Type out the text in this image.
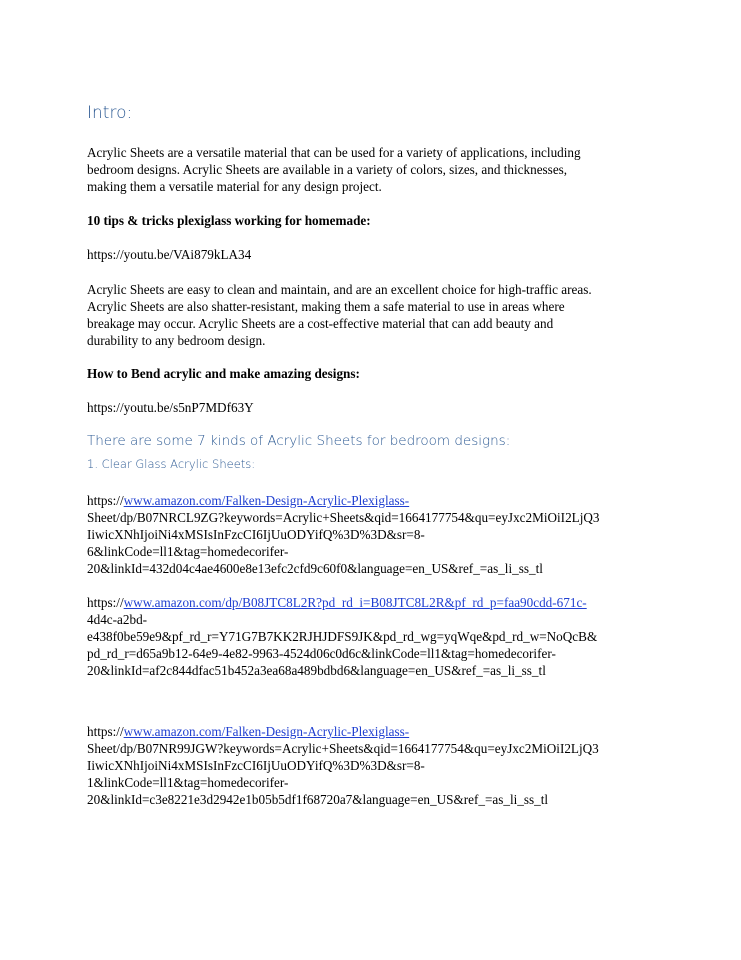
Intro:
Acrylic Sheets are a versatile material that can be used for a variety of applications, including
bedroom designs. Acrylic Sheets are available in a variety of colors, sizes, and thicknesses,
making them a versatile material for any design project.
10 tips & tricks plexiglass working for homemade:
https://youtu.be/VAi879kLA34
Acrylic Sheets are easy to clean and maintain, and are an excellent choice for high-traffic areas.
Acrylic Sheets are also shatter-resistant, making them a safe material to use in areas where
breakage may occur. Acrylic Sheets are a cost-effective material that can add beauty and
durability to any bedroom design.
How to Bend acrylic and make amazing designs:
https://youtu.be/s5nP7MDf63Y
There are some 7 kinds of Acrylic Sheets for bedroom designs:
1. Clear Glass Acrylic Sheets:
https://www.amazon.com/Falken-Design-Acrylic-Plexiglass-
Sheet/dp/B07NRCL9ZG?keywords=Acrylic+Sheets&qid=1664177754&qu=eyJxc2MiOiI2LjQ3
IiwicXNhIjoiNi4xMSIsInFzcCI6IjUuODYifQ%3D%3D&sr=8-
6&linkCode=ll1&tag=homedecorifer-
20&linkId=432d04c4ae4600e8e13efc2cfd9c60f0&language=en_US&ref_=as_li_ss_tl
https://www.amazon.com/dp/B08JTC8L2R?pd_rd_i=B08JTC8L2R&pf_rd_p=faa90cdd-671c-
4d4c-a2bd-
e438f0be59e9&pf_rd_r=Y71G7B7KK2RJHJDFS9JK&pd_rd_wg=yqWqe&pd_rd_w=NoQcB&
pd_rd_r=d65a9b12-64e9-4e82-9963-4524d06c0d6c&linkCode=ll1&tag=homedecorifer-
20&linkId=af2c844dfac51b452a3ea68a489bdbd6&language=en_US&ref_=as_li_ss_tl
https://www.amazon.com/Falken-Design-Acrylic-Plexiglass-
Sheet/dp/B07NR99JGW?keywords=Acrylic+Sheets&qid=1664177754&qu=eyJxc2MiOiI2LjQ3
IiwicXNhIjoiNi4xMSIsInFzcCI6IjUuODYifQ%3D%3D&sr=8-
1&linkCode=ll1&tag=homedecorifer-
20&linkId=c3e8221e3d2942e1b05b5df1f68720a7&language=en_US&ref_=as_li_ss_tl
